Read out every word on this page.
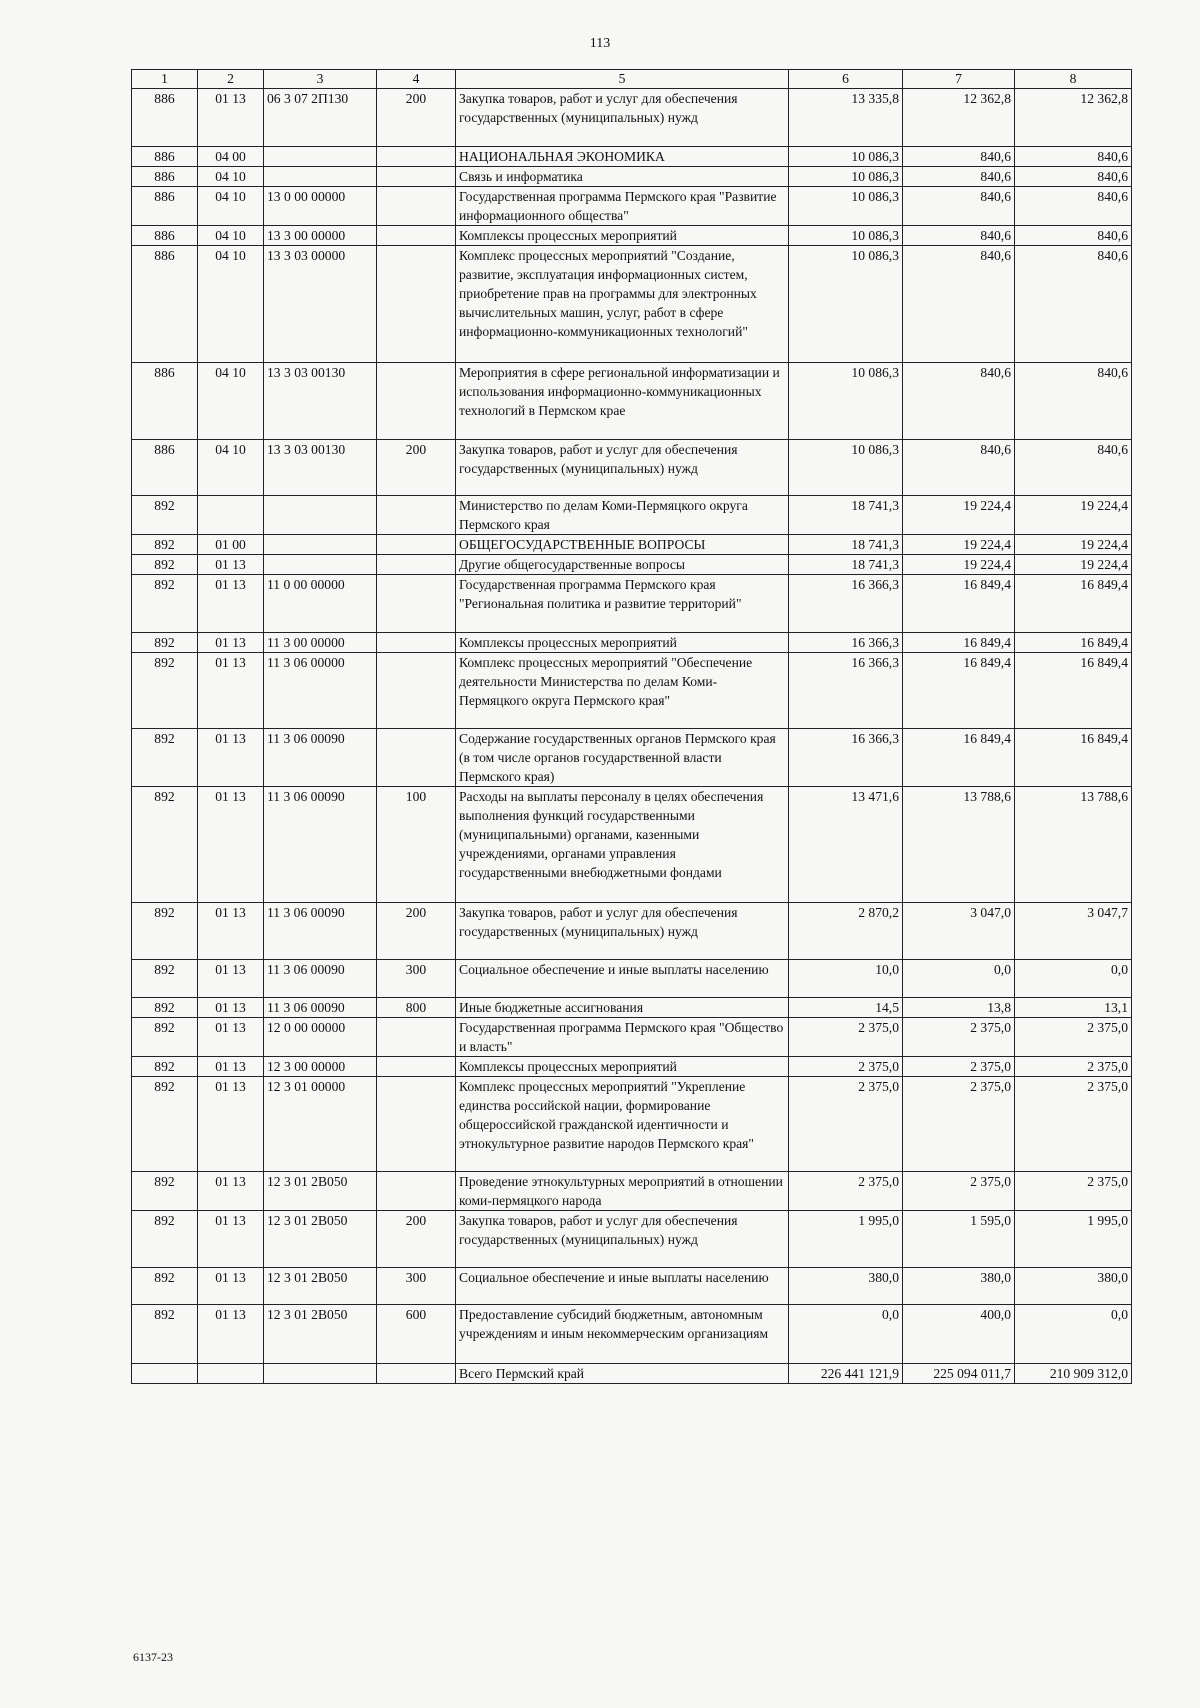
113
1	2	3	4	5	6	7	8
886	01 13	06 3 07 2П130	200	Закупка товаров, работ и услуг для обеспечения государственных (муниципальных) нужд	13 335,8	12 362,8	12 362,8
886	04 00			НАЦИОНАЛЬНАЯ ЭКОНОМИКА	10 086,3	840,6	840,6
886	04 10			Связь и информатика	10 086,3	840,6	840,6
886	04 10	13 0 00 00000		Государственная программа Пермского края "Развитие информационного общества"	10 086,3	840,6	840,6
886	04 10	13 3 00 00000		Комплексы процессных мероприятий	10 086,3	840,6	840,6
886	04 10	13 3 03 00000		Комплекс процессных мероприятий "Создание, развитие, эксплуатация информационных систем, приобретение прав на программы для электронных вычислительных машин, услуг, работ в сфере информационно-коммуникационных технологий"	10 086,3	840,6	840,6
886	04 10	13 3 03 00130		Мероприятия в сфере региональной информатизации и использования информационно-коммуникационных технологий в Пермском крае	10 086,3	840,6	840,6
886	04 10	13 3 03 00130	200	Закупка товаров, работ и услуг для обеспечения государственных (муниципальных) нужд	10 086,3	840,6	840,6
892				Министерство по делам Коми-Пермяцкого округа Пермского края	18 741,3	19 224,4	19 224,4
892	01 00			ОБЩЕГОСУДАРСТВЕННЫЕ ВОПРОСЫ	18 741,3	19 224,4	19 224,4
892	01 13			Другие общегосударственные вопросы	18 741,3	19 224,4	19 224,4
892	01 13	11 0 00 00000		Государственная программа Пермского края "Региональная политика и развитие территорий"	16 366,3	16 849,4	16 849,4
892	01 13	11 3 00 00000		Комплексы процессных мероприятий	16 366,3	16 849,4	16 849,4
892	01 13	11 3 06 00000		Комплекс процессных мероприятий "Обеспечение деятельности Министерства по делам Коми-Пермяцкого округа Пермского края"	16 366,3	16 849,4	16 849,4
892	01 13	11 3 06 00090		Содержание государственных органов Пермского края (в том числе органов государственной власти Пермского края)	16 366,3	16 849,4	16 849,4
892	01 13	11 3 06 00090	100	Расходы на выплаты персоналу в целях обеспечения выполнения функций государственными (муниципальными) органами, казенными учреждениями, органами управления государственными внебюджетными фондами	13 471,6	13 788,6	13 788,6
892	01 13	11 3 06 00090	200	Закупка товаров, работ и услуг для обеспечения государственных (муниципальных) нужд	2 870,2	3 047,0	3 047,7
892	01 13	11 3 06 00090	300	Социальное обеспечение и иные выплаты населению	10,0	0,0	0,0
892	01 13	11 3 06 00090	800	Иные бюджетные ассигнования	14,5	13,8	13,1
892	01 13	12 0 00 00000		Государственная программа Пермского края "Общество и власть"	2 375,0	2 375,0	2 375,0
892	01 13	12 3 00 00000		Комплексы процессных мероприятий	2 375,0	2 375,0	2 375,0
892	01 13	12 3 01 00000		Комплекс процессных мероприятий "Укрепление единства российской нации, формирование общероссийской гражданской идентичности и этнокультурное развитие народов Пермского края"	2 375,0	2 375,0	2 375,0
892	01 13	12 3 01 2B050		Проведение этнокультурных мероприятий в отношении коми-пермяцкого народа	2 375,0	2 375,0	2 375,0
892	01 13	12 3 01 2B050	200	Закупка товаров, работ и услуг для обеспечения государственных (муниципальных) нужд	1 995,0	1 595,0	1 995,0
892	01 13	12 3 01 2B050	300	Социальное обеспечение и иные выплаты населению	380,0	380,0	380,0
892	01 13	12 3 01 2B050	600	Предоставление субсидий бюджетным, автономным учреждениям и иным некоммерческим организациям	0,0	400,0	0,0
				Всего Пермский край	226 441 121,9	225 094 011,7	210 909 312,0
6137-23
